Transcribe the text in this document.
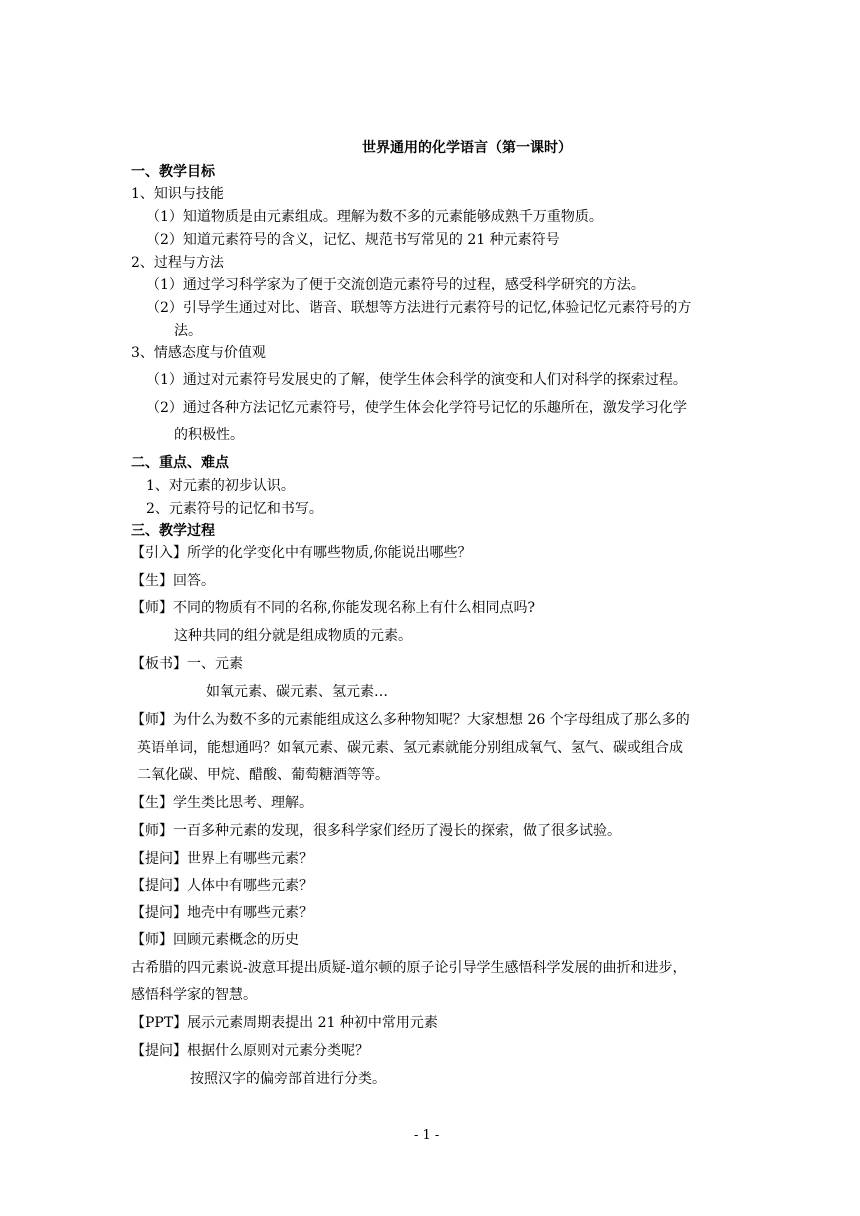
世界通用的化学语言（第一课时）
一、教学目标
1、知识与技能
（1）知道物质是由元素组成。理解为数不多的元素能够成熟千万重物质。
（2）知道元素符号的含义，记忆、规范书写常见的 21 种元素符号
2、过程与方法
（1）通过学习科学家为了便于交流创造元素符号的过程，感受科学研究的方法。
（2）引导学生通过对比、谐音、联想等方法进行元素符号的记忆,体验记忆元素符号的方
法。
3、情感态度与价值观
（1）通过对元素符号发展史的了解，使学生体会科学的演变和人们对科学的探索过程。
（2）通过各种方法记忆元素符号，使学生体会化学符号记忆的乐趣所在，激发学习化学
的积极性。
二、重点、难点
1、对元素的初步认识。
2、元素符号的记忆和书写。
三、教学过程
【引入】所学的化学变化中有哪些物质,你能说出哪些？
【生】回答。
【师】不同的物质有不同的名称,你能发现名称上有什么相同点吗?
这种共同的组分就是组成物质的元素。
【板书】一、元素
如氧元素、碳元素、氢元素…
【师】为什么为数不多的元素能组成这么多种物知呢？大家想想 26 个字母组成了那么多的
英语单词，能想通吗？如氧元素、碳元素、氢元素就能分别组成氧气、氢气、碳或组合成
二氧化碳、甲烷、醋酸、葡萄糖酒等等。
【生】学生类比思考、理解。
【师】一百多种元素的发现，很多科学家们经历了漫长的探索，做了很多试验。
【提问】世界上有哪些元素？
【提问】人体中有哪些元素？
【提问】地壳中有哪些元素？
【师】回顾元素概念的历史
古希腊的四元素说-波意耳提出质疑-道尔顿的原子论引导学生感悟科学发展的曲折和进步，
感悟科学家的智慧。
【PPT】展示元素周期表提出 21 种初中常用元素
【提问】根据什么原则对元素分类呢？
按照汉字的偏旁部首进行分类。
- 1 -
